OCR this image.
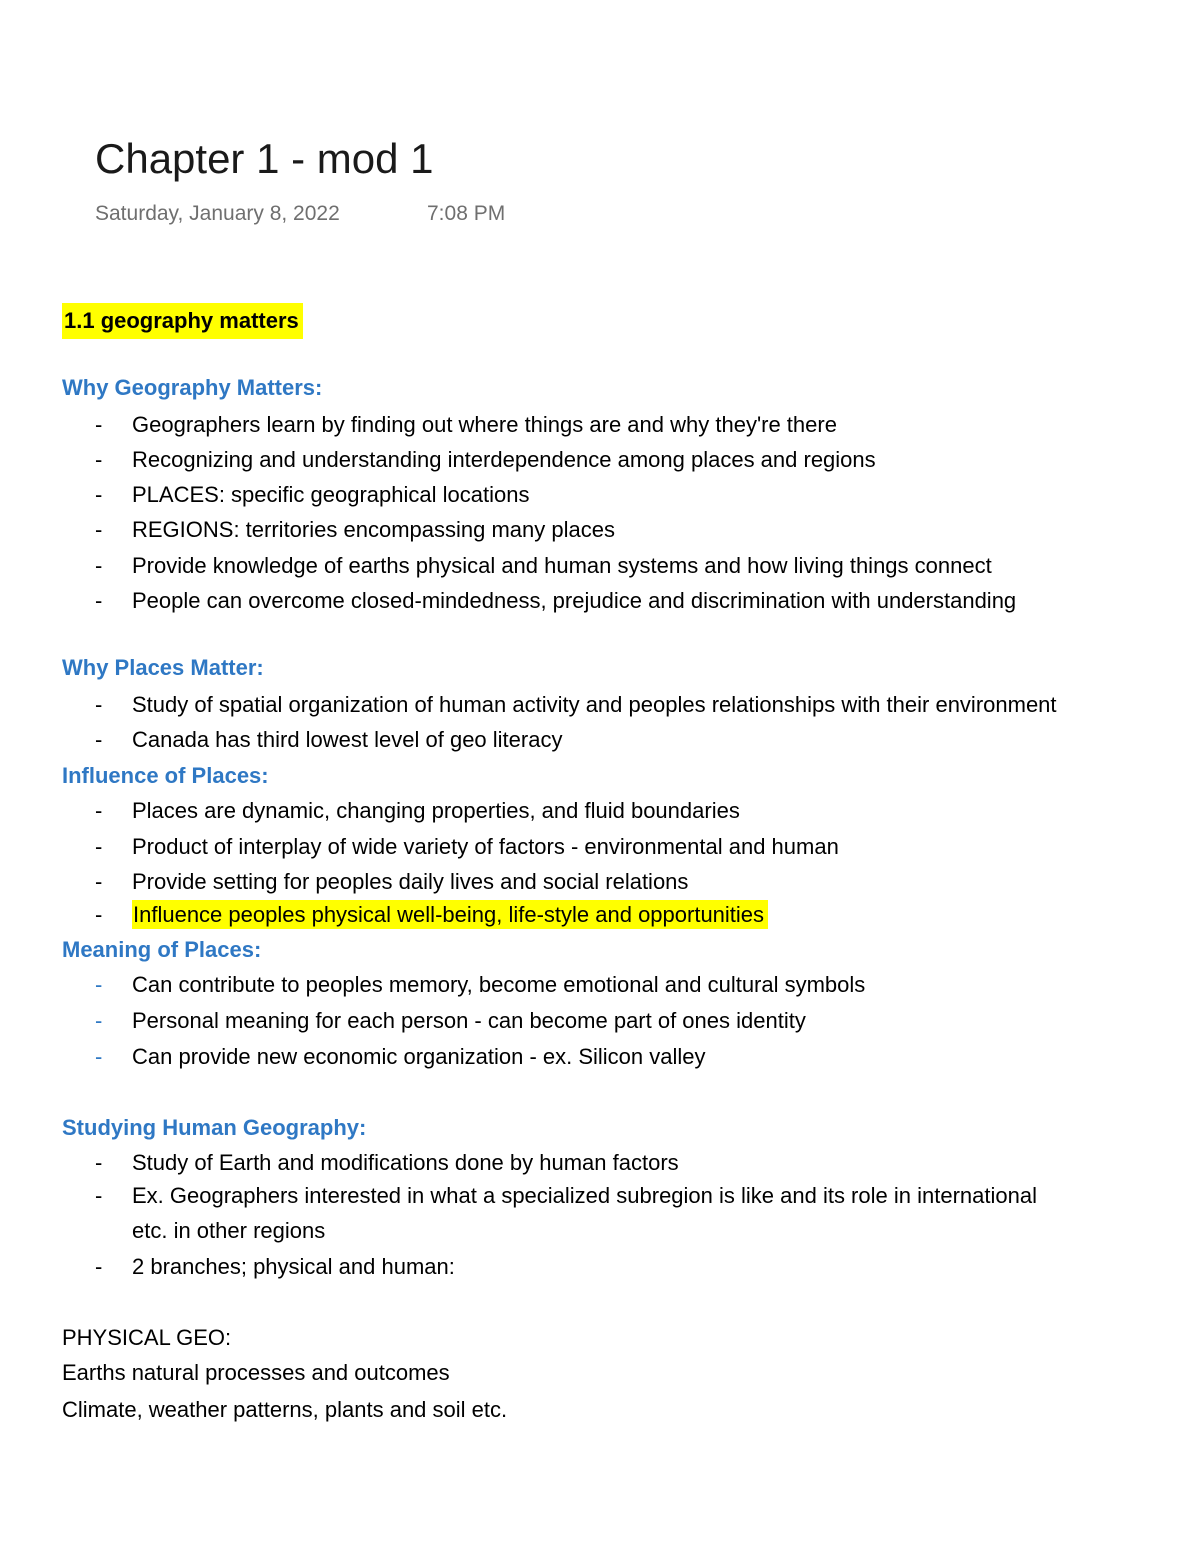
Chapter 1 - mod 1
Saturday, January 8, 2022	7:08 PM
1.1 geography matters
Why Geography Matters:
- Geographers learn by finding out where things are and why they're there
- Recognizing and understanding interdependence among places and regions
- PLACES: specific geographical locations
- REGIONS: territories encompassing many places
- Provide knowledge of earths physical and human systems and how living things connect
- People can overcome closed-mindedness, prejudice and discrimination with understanding
Why Places Matter:
- Study of spatial organization of human activity and peoples relationships with their environment
- Canada has third lowest level of geo literacy
Influence of Places:
- Places are dynamic, changing properties, and fluid boundaries
- Product of interplay of wide variety of factors - environmental and human
- Provide setting for peoples daily lives and social relations
- Influence peoples physical well-being, life-style and opportunities
Meaning of Places:
- Can contribute to peoples memory, become emotional and cultural symbols
- Personal meaning for each person - can become part of ones identity
- Can provide new economic organization - ex. Silicon valley
Studying Human Geography:
- Study of Earth and modifications done by human factors
- Ex. Geographers interested in what a specialized subregion is like and its role in international
etc. in other regions
- 2 branches; physical and human:
PHYSICAL GEO:
Earths natural processes and outcomes
Climate, weather patterns, plants and soil etc.
